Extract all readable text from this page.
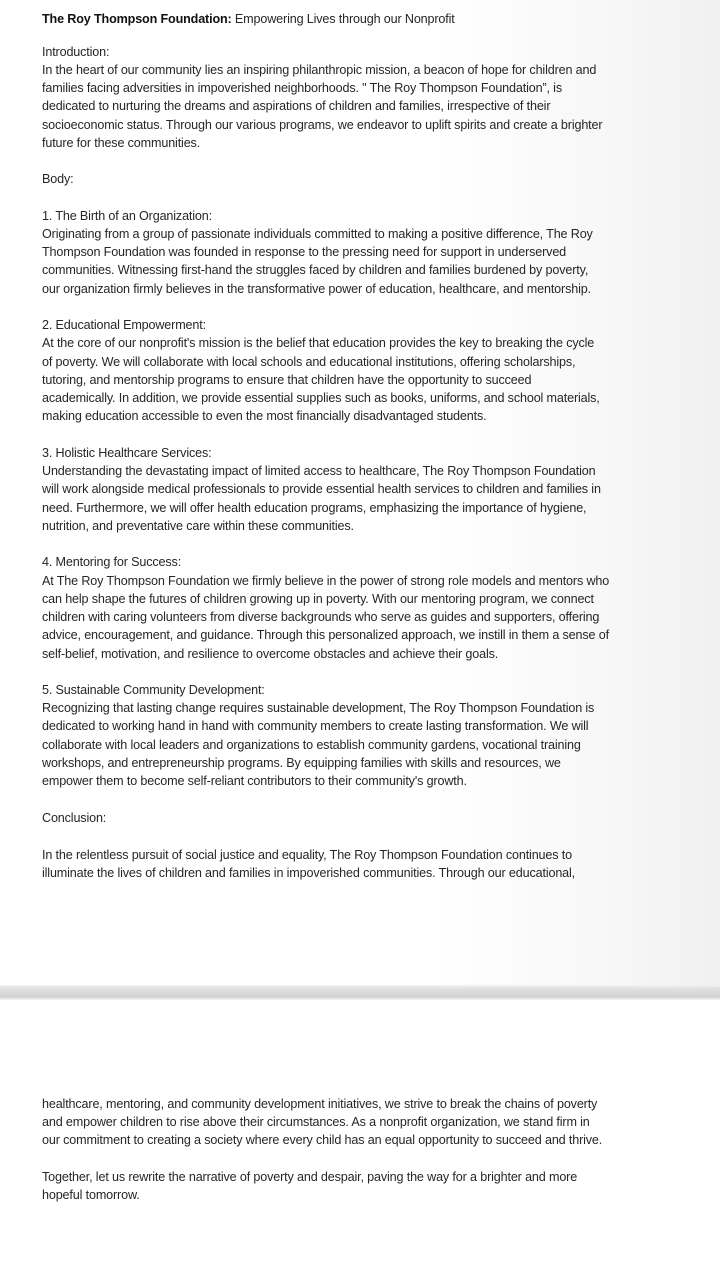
The Roy Thompson Foundation: Empowering Lives through our Nonprofit
Introduction:
In the heart of our community lies an inspiring philanthropic mission, a beacon of hope for children and
families facing adversities in impoverished neighborhoods. " The Roy Thompson Foundation”, is
dedicated to nurturing the dreams and aspirations of children and families, irrespective of their
socioeconomic status. Through our various programs, we endeavor to uplift spirits and create a brighter
future for these communities.
Body:
1. The Birth of an Organization:
Originating from a group of passionate individuals committed to making a positive difference, The Roy
Thompson Foundation was founded in response to the pressing need for support in underserved
communities. Witnessing first-hand the struggles faced by children and families burdened by poverty,
our organization firmly believes in the transformative power of education, healthcare, and mentorship.
2. Educational Empowerment:
At the core of our nonprofit's mission is the belief that education provides the key to breaking the cycle
of poverty. We will collaborate with local schools and educational institutions, offering scholarships,
tutoring, and mentorship programs to ensure that children have the opportunity to succeed
academically. In addition, we provide essential supplies such as books, uniforms, and school materials,
making education accessible to even the most financially disadvantaged students.
3. Holistic Healthcare Services:
Understanding the devastating impact of limited access to healthcare, The Roy Thompson Foundation
will work alongside medical professionals to provide essential health services to children and families in
need. Furthermore, we will offer health education programs, emphasizing the importance of hygiene,
nutrition, and preventative care within these communities.
4. Mentoring for Success:
At The Roy Thompson Foundation we firmly believe in the power of strong role models and mentors who
can help shape the futures of children growing up in poverty. With our mentoring program, we connect
children with caring volunteers from diverse backgrounds who serve as guides and supporters, offering
advice, encouragement, and guidance. Through this personalized approach, we instill in them a sense of
self-belief, motivation, and resilience to overcome obstacles and achieve their goals.
5. Sustainable Community Development:
Recognizing that lasting change requires sustainable development, The Roy Thompson Foundation is
dedicated to working hand in hand with community members to create lasting transformation. We will
collaborate with local leaders and organizations to establish community gardens, vocational training
workshops, and entrepreneurship programs. By equipping families with skills and resources, we
empower them to become self-reliant contributors to their community's growth.
Conclusion:
In the relentless pursuit of social justice and equality, The Roy Thompson Foundation continues to
illuminate the lives of children and families in impoverished communities. Through our educational,
healthcare, mentoring, and community development initiatives, we strive to break the chains of poverty
and empower children to rise above their circumstances. As a nonprofit organization, we stand firm in
our commitment to creating a society where every child has an equal opportunity to succeed and thrive.
Together, let us rewrite the narrative of poverty and despair, paving the way for a brighter and more
hopeful tomorrow.
